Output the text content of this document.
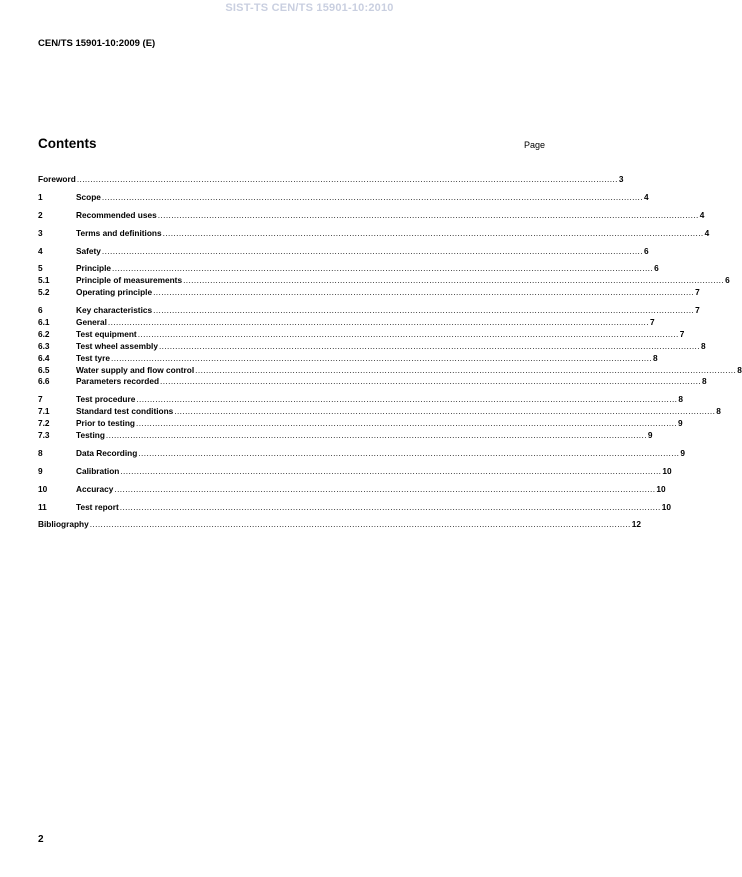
SIST-TS CEN/TS 15901-10:2010
CEN/TS 15901-10:2009 (E)
Contents	Page
Foreword ........................................................................................................................................................................................................ 3
1	Scope ........................................................................................................................................................................................................ 4
2	Recommended uses ........................................................................................................................................................................................................ 4
3	Terms and definitions ........................................................................................................................................................................................................ 4
4	Safety ........................................................................................................................................................................................................ 6
5	Principle ........................................................................................................................................................................................................ 6
5.1	Principle of measurements ........................................................................................................................................................................................................ 6
5.2	Operating principle ........................................................................................................................................................................................................ 7
6	Key characteristics ........................................................................................................................................................................................................ 7
6.1	General ........................................................................................................................................................................................................ 7
6.2	Test equipment ........................................................................................................................................................................................................ 7
6.3	Test wheel assembly ........................................................................................................................................................................................................ 8
6.4	Test tyre ........................................................................................................................................................................................................ 8
6.5	Water supply and flow control ........................................................................................................................................................................................................ 8
6.6	Parameters recorded ........................................................................................................................................................................................................ 8
7	Test procedure ........................................................................................................................................................................................................ 8
7.1	Standard test conditions ........................................................................................................................................................................................................ 8
7.2	Prior to testing ........................................................................................................................................................................................................ 9
7.3	Testing ........................................................................................................................................................................................................ 9
8	Data Recording ........................................................................................................................................................................................................ 9
9	Calibration ........................................................................................................................................................................................................ 10
10	Accuracy ........................................................................................................................................................................................................ 10
11	Test report ........................................................................................................................................................................................................ 10
Bibliography ........................................................................................................................................................................................................ 12
2
